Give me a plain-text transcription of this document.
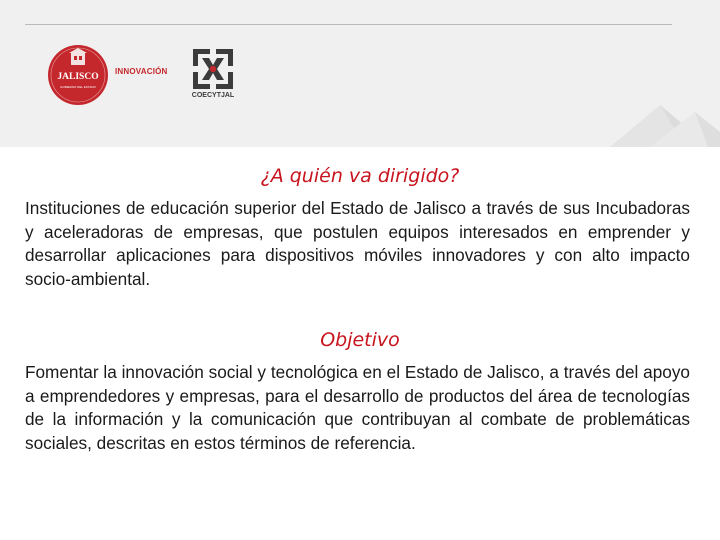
JALISCO
GOBIERNO DEL ESTADO
INNOVACIÓN
COECYTJAL
¿A quién va dirigido?
Instituciones de educación superior del Estado de Jalisco a través de sus Incubadoras y aceleradoras de empresas, que postulen equipos interesados en emprender y desarrollar aplicaciones para dispositivos móviles innovadores y con alto impacto socio-ambiental.
Objetivo
Fomentar la innovación social y tecnológica en el Estado de Jalisco, a través del apoyo a emprendedores y empresas, para el desarrollo de productos del área de tecnologías de la información y la comunicación que contribuyan al combate de problemáticas sociales, descritas en estos términos de referencia.
